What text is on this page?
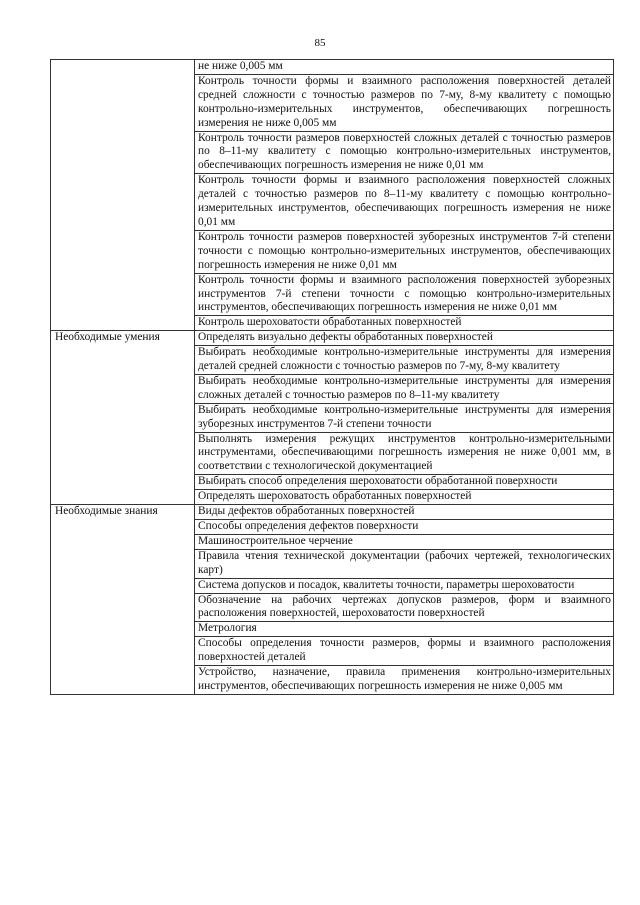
85
	не ниже 0,005 мм
	Контроль точности формы и взаимного расположения поверхностей деталей средней сложности с точностью размеров по 7-му, 8-му квалитету с помощью контрольно-измерительных инструментов, обеспечивающих погрешность измерения не ниже 0,005 мм
	Контроль точности размеров поверхностей сложных деталей с точностью размеров по 8–11-му квалитету с помощью контрольно-измерительных инструментов, обеспечивающих погрешность измерения не ниже 0,01 мм
	Контроль точности формы и взаимного расположения поверхностей сложных деталей с точностью размеров по 8–11-му квалитету с помощью контрольно-измерительных инструментов, обеспечивающих погрешность измерения не ниже 0,01 мм
	Контроль точности размеров поверхностей зуборезных инструментов 7-й степени точности с помощью контрольно-измерительных инструментов, обеспечивающих погрешность измерения не ниже 0,01 мм
	Контроль точности формы и взаимного расположения поверхностей зуборезных инструментов 7-й степени точности с помощью контрольно-измерительных инструментов, обеспечивающих погрешность измерения не ниже 0,01 мм
	Контроль шероховатости обработанных поверхностей
Необходимые умения	Определять визуально дефекты обработанных поверхностей
	Выбирать необходимые контрольно-измерительные инструменты для измерения деталей средней сложности с точностью размеров по 7-му, 8-му квалитету
	Выбирать необходимые контрольно-измерительные инструменты для измерения сложных деталей с точностью размеров по 8–11-му квалитету
	Выбирать необходимые контрольно-измерительные инструменты для измерения зуборезных инструментов 7-й степени точности
	Выполнять измерения режущих инструментов контрольно-измерительными инструментами, обеспечивающими погрешность измерения не ниже 0,001 мм, в соответствии с технологической документацией
	Выбирать способ определения шероховатости обработанной поверхности
	Определять шероховатость обработанных поверхностей
Необходимые знания	Виды дефектов обработанных поверхностей
	Способы определения дефектов поверхности
	Машиностроительное черчение
	Правила чтения технической документации (рабочих чертежей, технологических карт)
	Система допусков и посадок, квалитеты точности, параметры шероховатости
	Обозначение на рабочих чертежах допусков размеров, форм и взаимного расположения поверхностей, шероховатости поверхностей
	Метрология
	Способы определения точности размеров, формы и взаимного расположения поверхностей деталей
	Устройство, назначение, правила применения контрольно-измерительных инструментов, обеспечивающих погрешность измерения не ниже 0,005 мм
